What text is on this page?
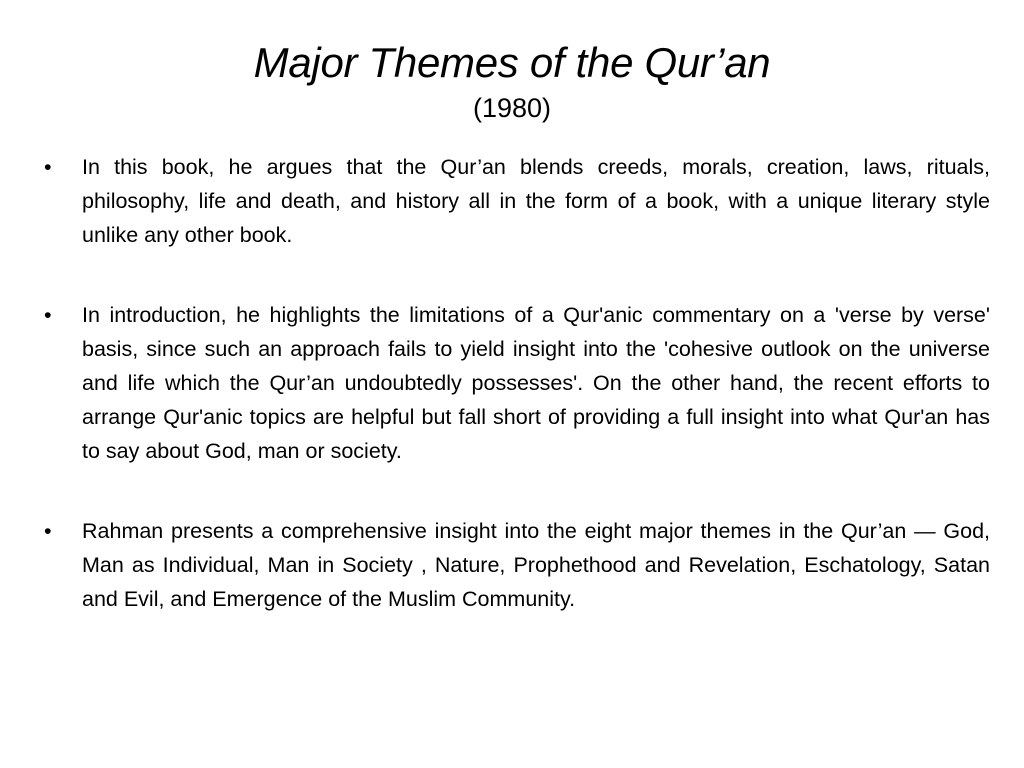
Major Themes of the Qur’an
(1980)
• In this book, he argues that the Qur’an blends creeds, morals, creation, laws, rituals, philosophy, life and death, and history all in the form of a book, with a unique literary style unlike any other book.
• In introduction, he highlights the limitations of a Qur'anic commentary on a 'verse by verse' basis, since such an approach fails to yield insight into the 'cohesive outlook on the universe and life which the Qur’an undoubtedly possesses'. On the other hand, the recent efforts to arrange Qur'anic topics are helpful but fall short of providing a full insight into what Qur'an has to say about God, man or society.
• Rahman presents a comprehensive insight into the eight major themes in the Qur’an — God, Man as Individual, Man in Society , Nature, Prophethood and Revelation, Eschatology, Satan and Evil, and Emergence of the Muslim Community.
